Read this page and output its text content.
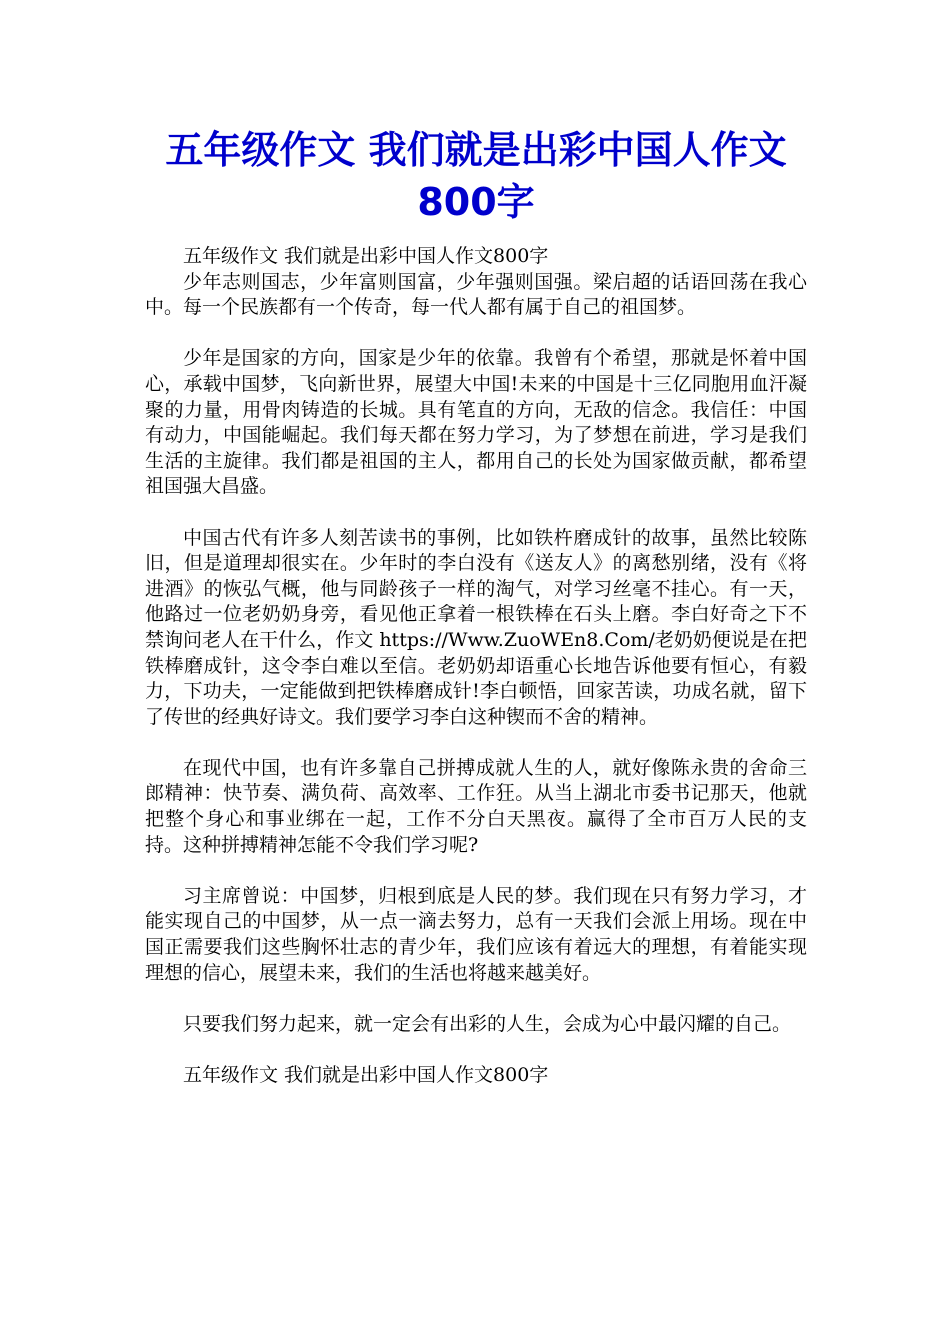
五年级作文 我们就是出彩中国人作文800字

五年级作文 我们就是出彩中国人作文800字

少年志则国志，少年富则国富，少年强则国强。梁启超的话语回荡在我心中。每一个民族都有一个传奇，每一代人都有属于自己的祖国梦。

少年是国家的方向，国家是少年的依靠。我曾有个希望，那就是怀着中国心，承载中国梦，飞向新世界，展望大中国!未来的中国是十三亿同胞用血汗凝聚的力量，用骨肉铸造的长城。具有笔直的方向，无敌的信念。我信任：中国有动力，中国能崛起。我们每天都在努力学习，为了梦想在前进，学习是我们生活的主旋律。我们都是祖国的主人，都用自己的长处为国家做贡献，都希望祖国强大昌盛。

中国古代有许多人刻苦读书的事例，比如铁杵磨成针的故事，虽然比较陈旧，但是道理却很实在。少年时的李白没有《送友人》的离愁别绪，没有《将进酒》的恢弘气概，他与同龄孩子一样的淘气，对学习丝毫不挂心。有一天，他路过一位老奶奶身旁，看见他正拿着一根铁棒在石头上磨。李白好奇之下不禁询问老人在干什么，作文 https://Www.ZuoWEn8.Com/老奶奶便说是在把铁棒磨成针，这令李白难以至信。老奶奶却语重心长地告诉他要有恒心，有毅力，下功夫，一定能做到把铁棒磨成针!李白顿悟，回家苦读，功成名就，留下了传世的经典好诗文。我们要学习李白这种锲而不舍的精神。

在现代中国，也有许多靠自己拼搏成就人生的人，就好像陈永贵的舍命三郎精神：快节奏、满负荷、高效率、工作狂。从当上湖北市委书记那天，他就把整个身心和事业绑在一起，工作不分白天黑夜。赢得了全市百万人民的支持。这种拼搏精神怎能不令我们学习呢?

习主席曾说：中国梦，归根到底是人民的梦。我们现在只有努力学习，才能实现自己的中国梦，从一点一滴去努力，总有一天我们会派上用场。现在中国正需要我们这些胸怀壮志的青少年，我们应该有着远大的理想，有着能实现理想的信心，展望未来，我们的生活也将越来越美好。

只要我们努力起来，就一定会有出彩的人生，会成为心中最闪耀的自己。

五年级作文 我们就是出彩中国人作文800字
